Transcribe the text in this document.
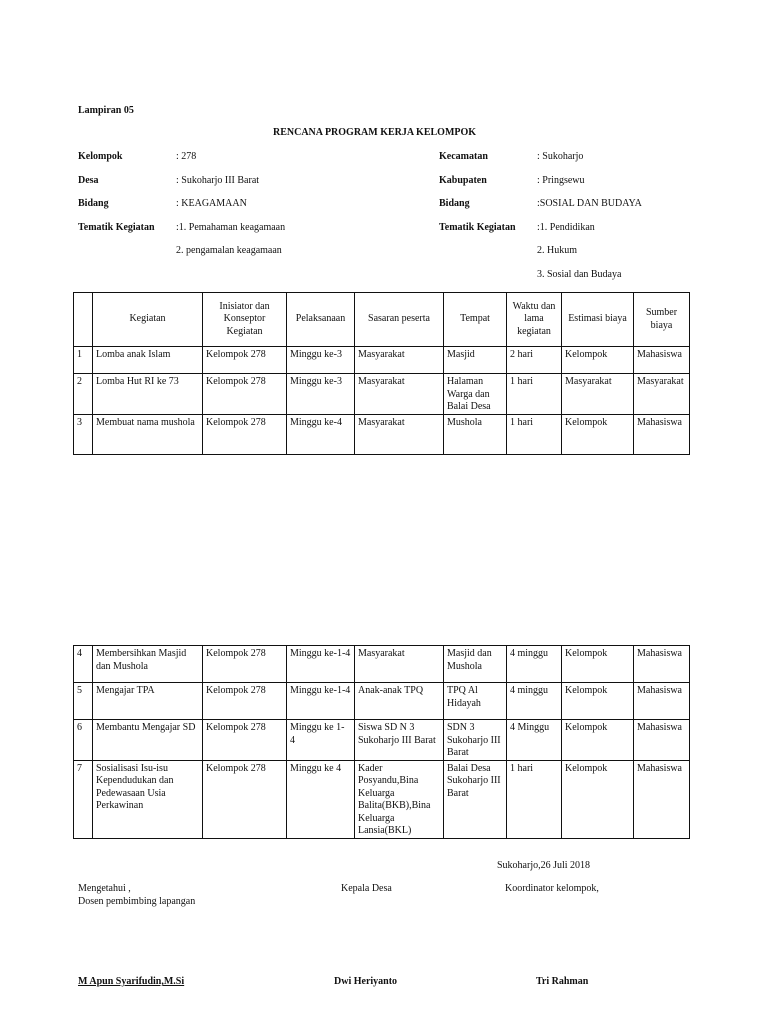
Lampiran 05
RENCANA PROGRAM KERJA KELOMPOK
Kelompok	: 278
Desa	: Sukoharjo III Barat
Bidang	: KEAGAMAAN
Tematik Kegiatan :1. Pemahaman keagamaan
2. pengamalan keagamaan
Kecamatan	: Sukoharjo
Kabupaten	: Pringsewu
Bidang	:SOSIAL DAN BUDAYA
Tematik Kegiatan :1. Pendidikan
2. Hukum
3. Sosial dan Budaya
	Kegiatan	Inisiator dan Konseptor Kegiatan	Pelaksanaan	Sasaran peserta	Tempat	Waktu dan lama kegiatan	Estimasi biaya	Sumber biaya
1	Lomba anak Islam	Kelompok 278	Minggu ke-3	Masyarakat	Masjid	2 hari	Kelompok	Mahasiswa
2	Lomba Hut RI ke 73	Kelompok 278	Minggu ke-3	Masyarakat	Halaman Warga dan Balai Desa	1 hari	Masyarakat	Masyarakat
3	Membuat nama mushola	Kelompok 278	Minggu ke-4	Masyarakat	Mushola	1 hari	Kelompok	Mahasiswa
4	Membersihkan Masjid dan Mushola	Kelompok 278	Minggu ke-1-4	Masyarakat	Masjid dan Mushola	4 minggu	Kelompok	Mahasiswa
5	Mengajar TPA	Kelompok 278	Minggu ke-1-4	Anak-anak TPQ	TPQ Al Hidayah	4 minggu	Kelompok	Mahasiswa
6	Membantu Mengajar SD	Kelompok 278	Minggu ke 1- 4	Siswa SD N 3 Sukoharjo III Barat	SDN 3 Sukoharjo III Barat	4 Minggu	Kelompok	Mahasiswa
7	Sosialisasi Isu-isu Kependudukan dan Pedewasaan Usia Perkawinan	Kelompok 278	Minggu ke 4	Kader Posyandu,Bina Keluarga Balita(BKB),Bina Keluarga Lansia(BKL)	Balai Desa Sukoharjo III Barat	1 hari	Kelompok	Mahasiswa
Sukoharjo,26 Juli 2018
Mengetahui ,
Dosen pembimbing lapangan
Kepala Desa	Koordinator kelompok,
M Apun Syarifudin,M.Si	Dwi Heriyanto	Tri Rahman
